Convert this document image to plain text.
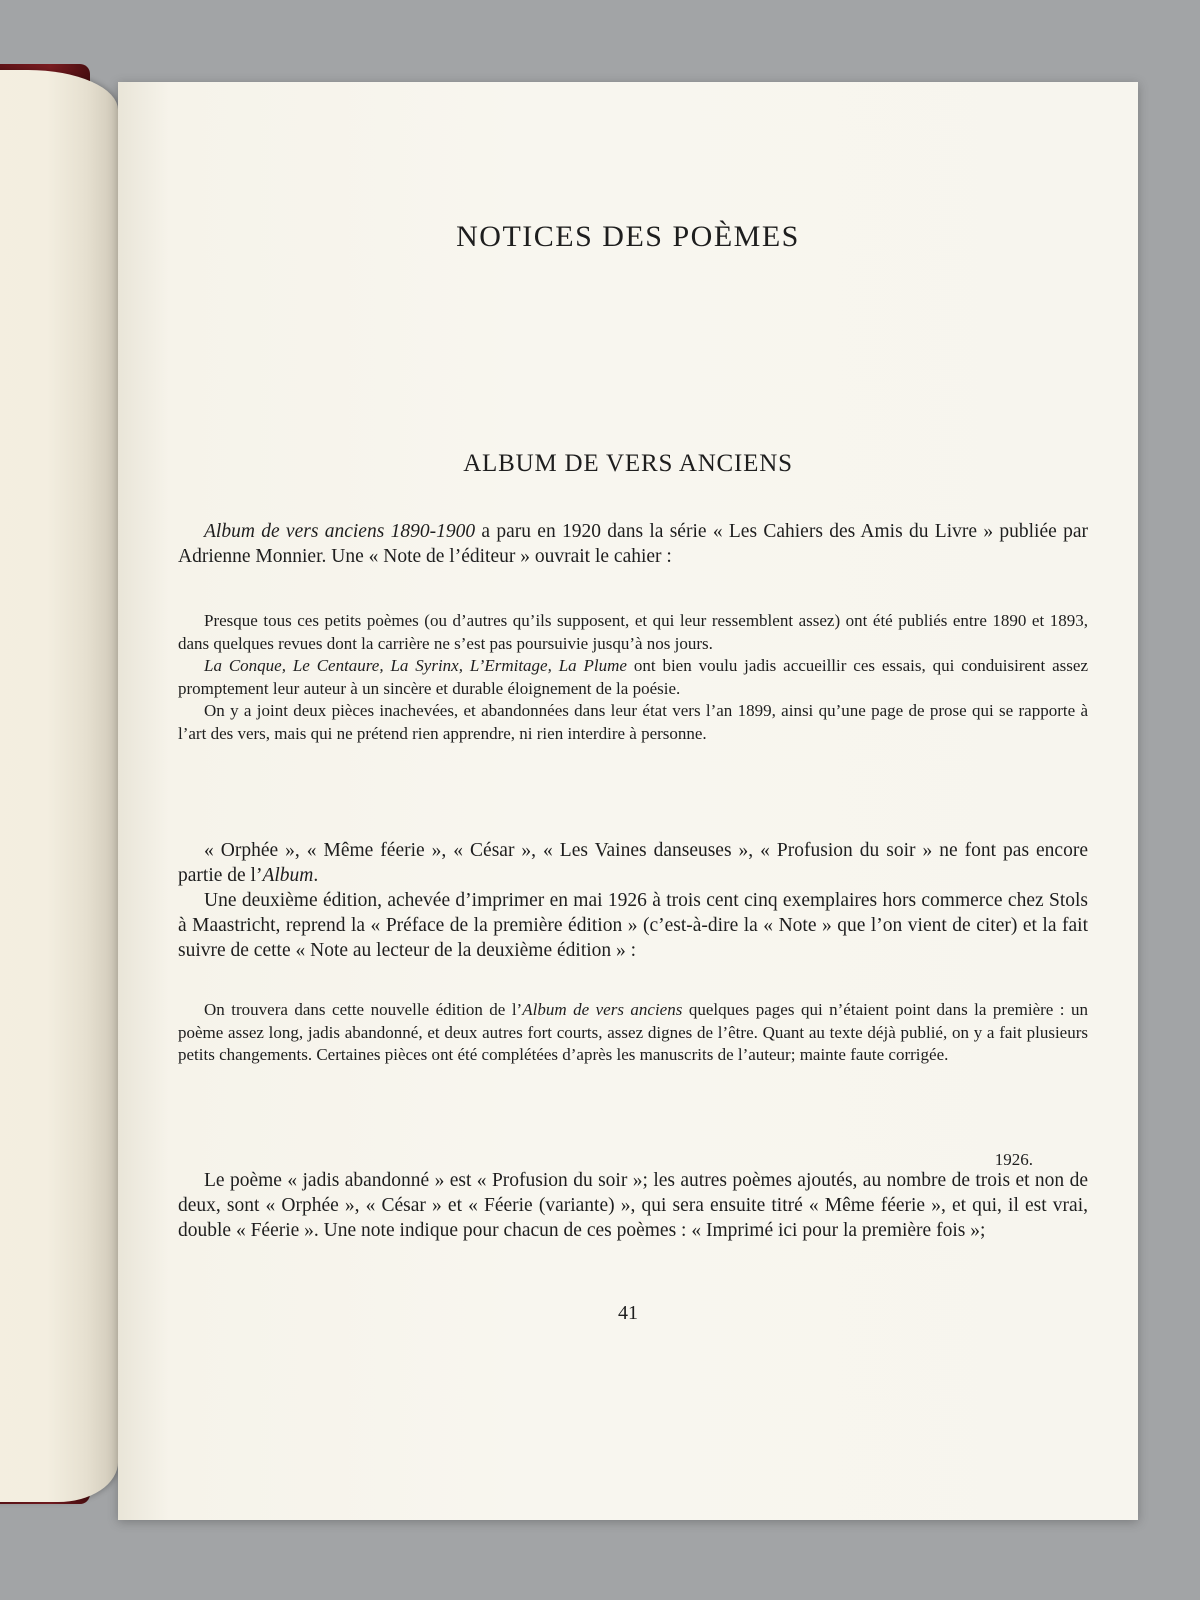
NOTICES DES POÈMES
ALBUM DE VERS ANCIENS

Album de vers anciens 1890-1900 a paru en 1920 dans la série « Les Cahiers des Amis du Livre » publiée par Adrienne Monnier. Une « Note de l’éditeur » ouvrait le cahier :

Presque tous ces petits poèmes (ou d’autres qu’ils supposent, et qui leur ressemblent assez) ont été publiés entre 1890 et 1893, dans quelques revues dont la carrière ne s’est pas poursuivie jusqu’à nos jours.

La Conque, Le Centaure, La Syrinx, L’Ermitage, La Plume ont bien voulu jadis accueillir ces essais, qui conduisirent assez promptement leur auteur à un sincère et durable éloignement de la poésie.

On y a joint deux pièces inachevées, et abandonnées dans leur état vers l’an 1899, ainsi qu’une page de prose qui se rapporte à l’art des vers, mais qui ne prétend rien apprendre, ni rien interdire à personne.

« Orphée », « Même féerie », « César », « Les Vaines danseuses », « Profusion du soir » ne font pas encore partie de l’Album.

Une deuxième édition, achevée d’imprimer en mai 1926 à trois cent cinq exemplaires hors commerce chez Stols à Maastricht, reprend la « Préface de la première édition » (c’est-à-dire la « Note » que l’on vient de citer) et la fait suivre de cette « Note au lecteur de la deuxième édition » :

On trouvera dans cette nouvelle édition de l’Album de vers anciens quelques pages qui n’étaient point dans la première : un poème assez long, jadis abandonné, et deux autres fort courts, assez dignes de l’être. Quant au texte déjà publié, on y a fait plusieurs petits changements. Certaines pièces ont été complétées d’après les manuscrits de l’auteur; mainte faute corrigée.

1926.

Le poème « jadis abandonné » est « Profusion du soir »; les autres poèmes ajoutés, au nombre de trois et non de deux, sont « Orphée », « César » et « Féerie (variante) », qui sera ensuite titré « Même féerie », et qui, il est vrai, double « Féerie ». Une note indique pour chacun de ces poèmes : « Imprimé ici pour la première fois »;

41
